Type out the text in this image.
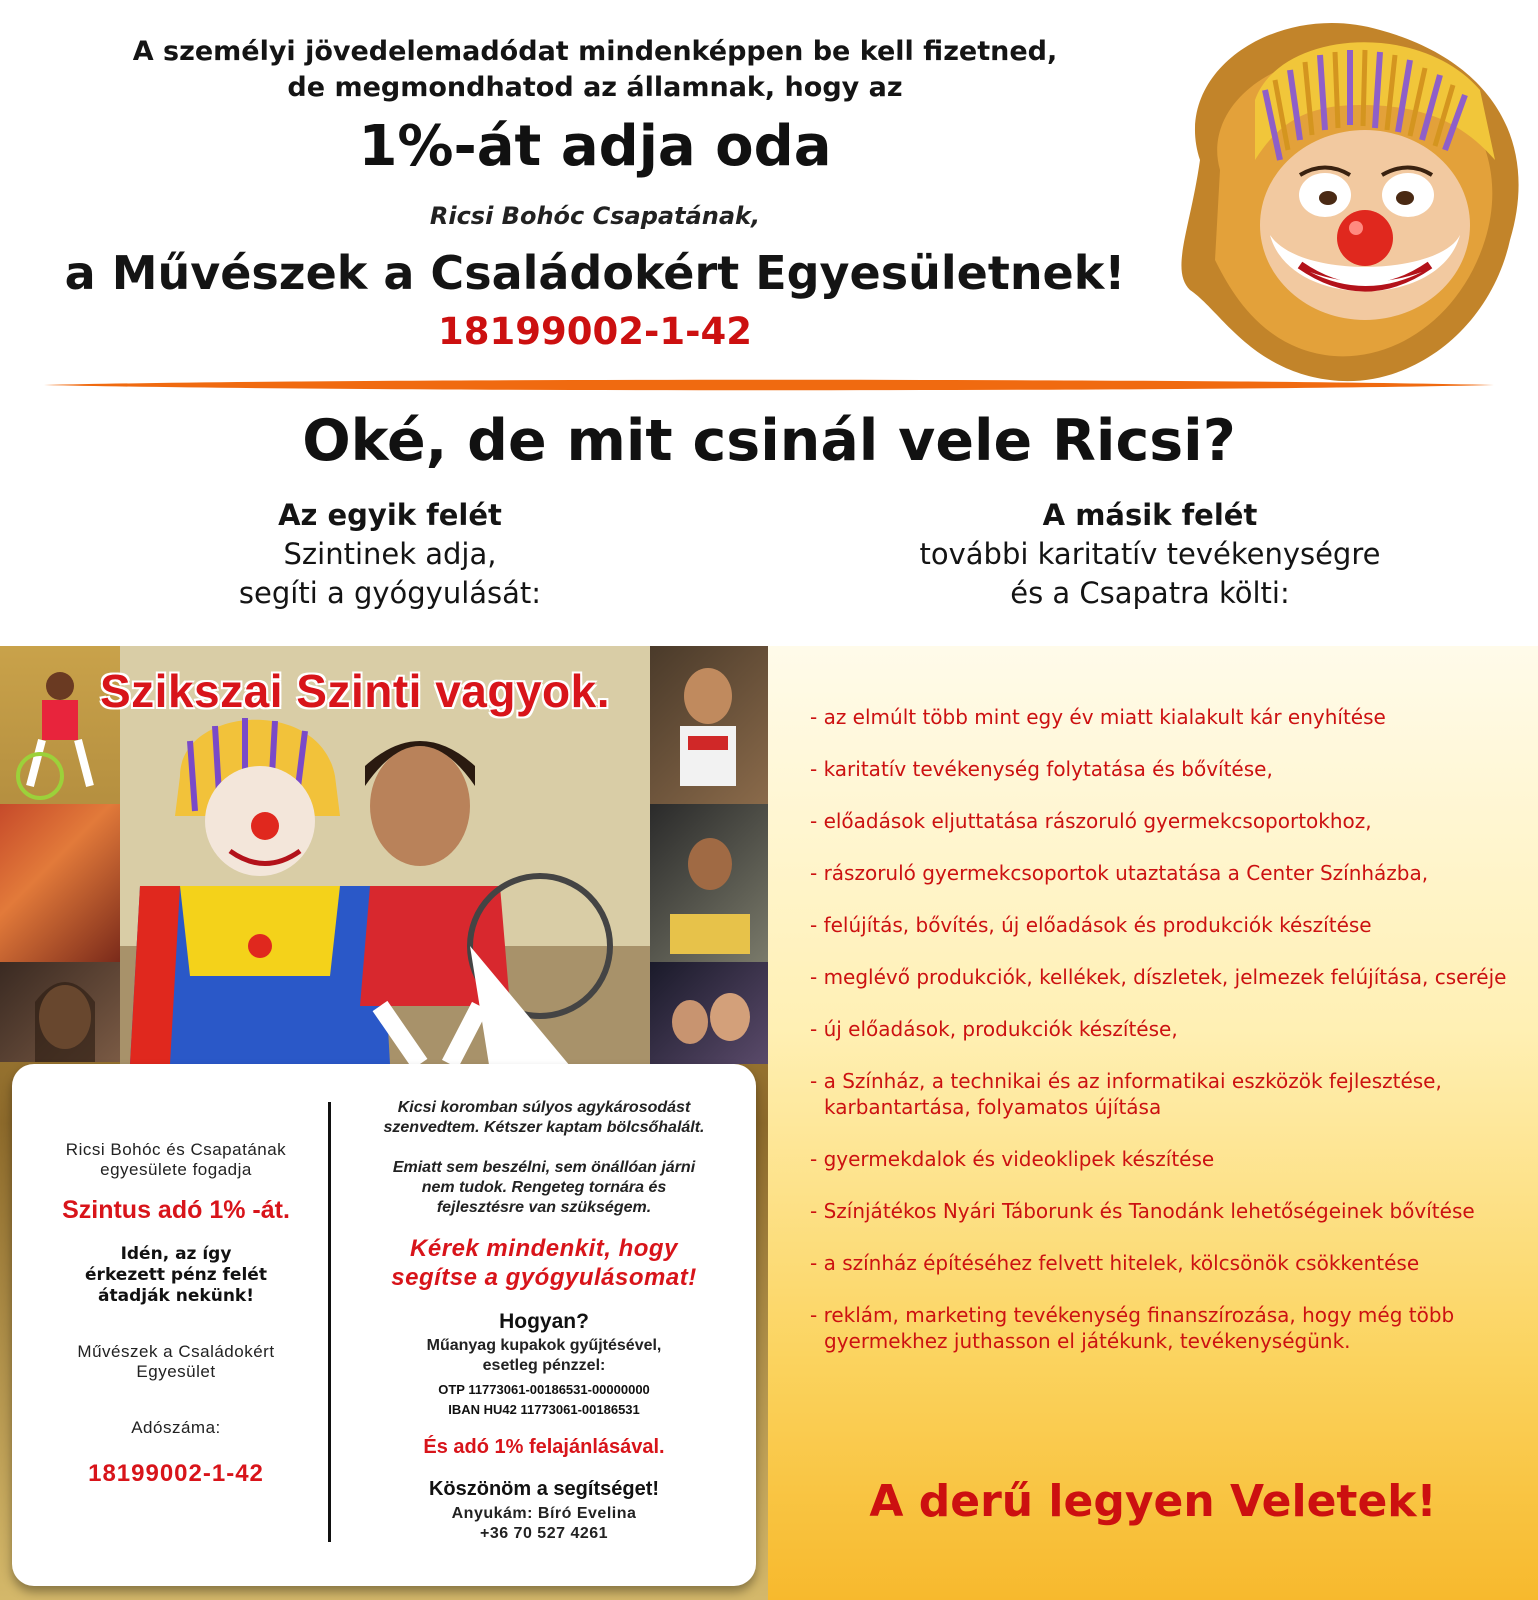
A személyi jövedelemadódat mindenképpen be kell fizetned,
de megmondhatod az államnak, hogy az
1%-át adja oda
Ricsi Bohóc Csapatának,
a Művészek a Családokért Egyesületnek!
18199002-1-42
Oké, de mit csinál vele Ricsi?
Az egyik felét
Szintinek adja,
segíti a gyógyulását:
A másik felét
további karitatív tevékenységre
és a Csapatra költi:
Szikszai Szinti vagyok.
Ricsi Bohóc és Csapatának
egyesülete fogadja
Szintus adó 1% -át.
Idén, az így
érkezett pénz felét
átadják nekünk!
Művészek a Családokért
Egyesület
Adószáma:
18199002-1-42
Kicsi koromban súlyos agykárosodást
szenvedtem. Kétszer kaptam bölcsőhalált.
Emiatt sem beszélni, sem önállóan járni
nem tudok. Rengeteg tornára és
fejlesztésre van szükségem.
Kérek mindenkit, hogy
segítse a gyógyulásomat!
Hogyan?
Műanyag kupakok gyűjtésével,
esetleg pénzzel:
OTP 11773061-00186531-00000000
IBAN HU42 11773061-00186531
És adó 1% felajánlásával.
Köszönöm a segítséget!
Anyukám: Bíró Evelina
+36 70 527 4261
- az elmúlt több mint egy év miatt kialakult kár enyhítése
- karitatív tevékenység folytatása és bővítése,
- előadások eljuttatása rászoruló gyermekcsoportokhoz,
- rászoruló gyermekcsoportok utaztatása a Center Színházba,
- felújítás, bővítés, új előadások és produkciók készítése
- meglévő produkciók, kellékek, díszletek, jelmezek felújítása, cseréje
- új előadások, produkciók készítése,
- a Színház, a technikai és az informatikai eszközök fejlesztése, karbantartása, folyamatos újítása
- gyermekdalok és videoklipek készítése
- Színjátékos Nyári Táborunk és Tanodánk lehetőségeinek bővítése
- a színház építéséhez felvett hitelek, kölcsönök csökkentése
- reklám, marketing tevékenység finanszírozása, hogy még több gyermekhez juthasson el játékunk, tevékenységünk.
A derű legyen Veletek!
